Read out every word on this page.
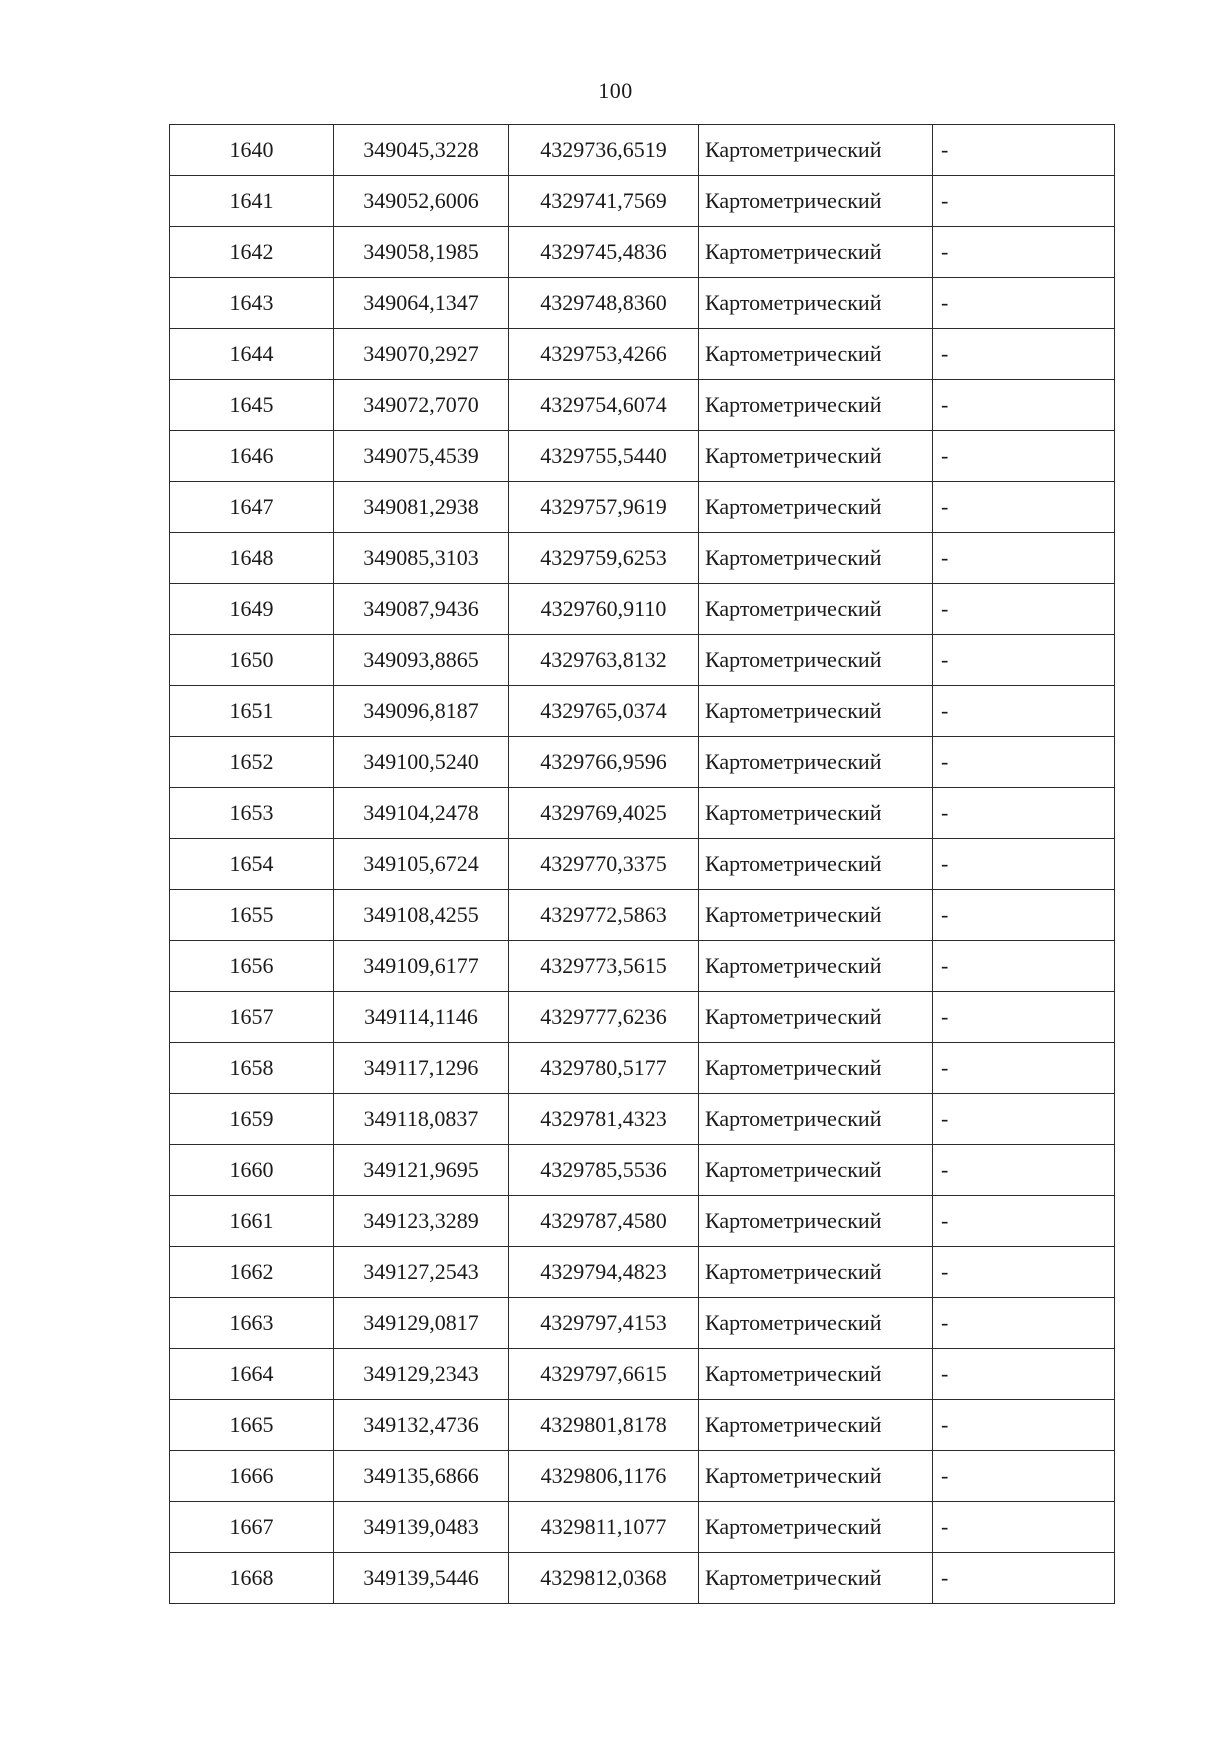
100
1640	349045,3228	4329736,6519	Картометрический	-
1641	349052,6006	4329741,7569	Картометрический	-
1642	349058,1985	4329745,4836	Картометрический	-
1643	349064,1347	4329748,8360	Картометрический	-
1644	349070,2927	4329753,4266	Картометрический	-
1645	349072,7070	4329754,6074	Картометрический	-
1646	349075,4539	4329755,5440	Картометрический	-
1647	349081,2938	4329757,9619	Картометрический	-
1648	349085,3103	4329759,6253	Картометрический	-
1649	349087,9436	4329760,9110	Картометрический	-
1650	349093,8865	4329763,8132	Картометрический	-
1651	349096,8187	4329765,0374	Картометрический	-
1652	349100,5240	4329766,9596	Картометрический	-
1653	349104,2478	4329769,4025	Картометрический	-
1654	349105,6724	4329770,3375	Картометрический	-
1655	349108,4255	4329772,5863	Картометрический	-
1656	349109,6177	4329773,5615	Картометрический	-
1657	349114,1146	4329777,6236	Картометрический	-
1658	349117,1296	4329780,5177	Картометрический	-
1659	349118,0837	4329781,4323	Картометрический	-
1660	349121,9695	4329785,5536	Картометрический	-
1661	349123,3289	4329787,4580	Картометрический	-
1662	349127,2543	4329794,4823	Картометрический	-
1663	349129,0817	4329797,4153	Картометрический	-
1664	349129,2343	4329797,6615	Картометрический	-
1665	349132,4736	4329801,8178	Картометрический	-
1666	349135,6866	4329806,1176	Картометрический	-
1667	349139,0483	4329811,1077	Картометрический	-
1668	349139,5446	4329812,0368	Картометрический	-
